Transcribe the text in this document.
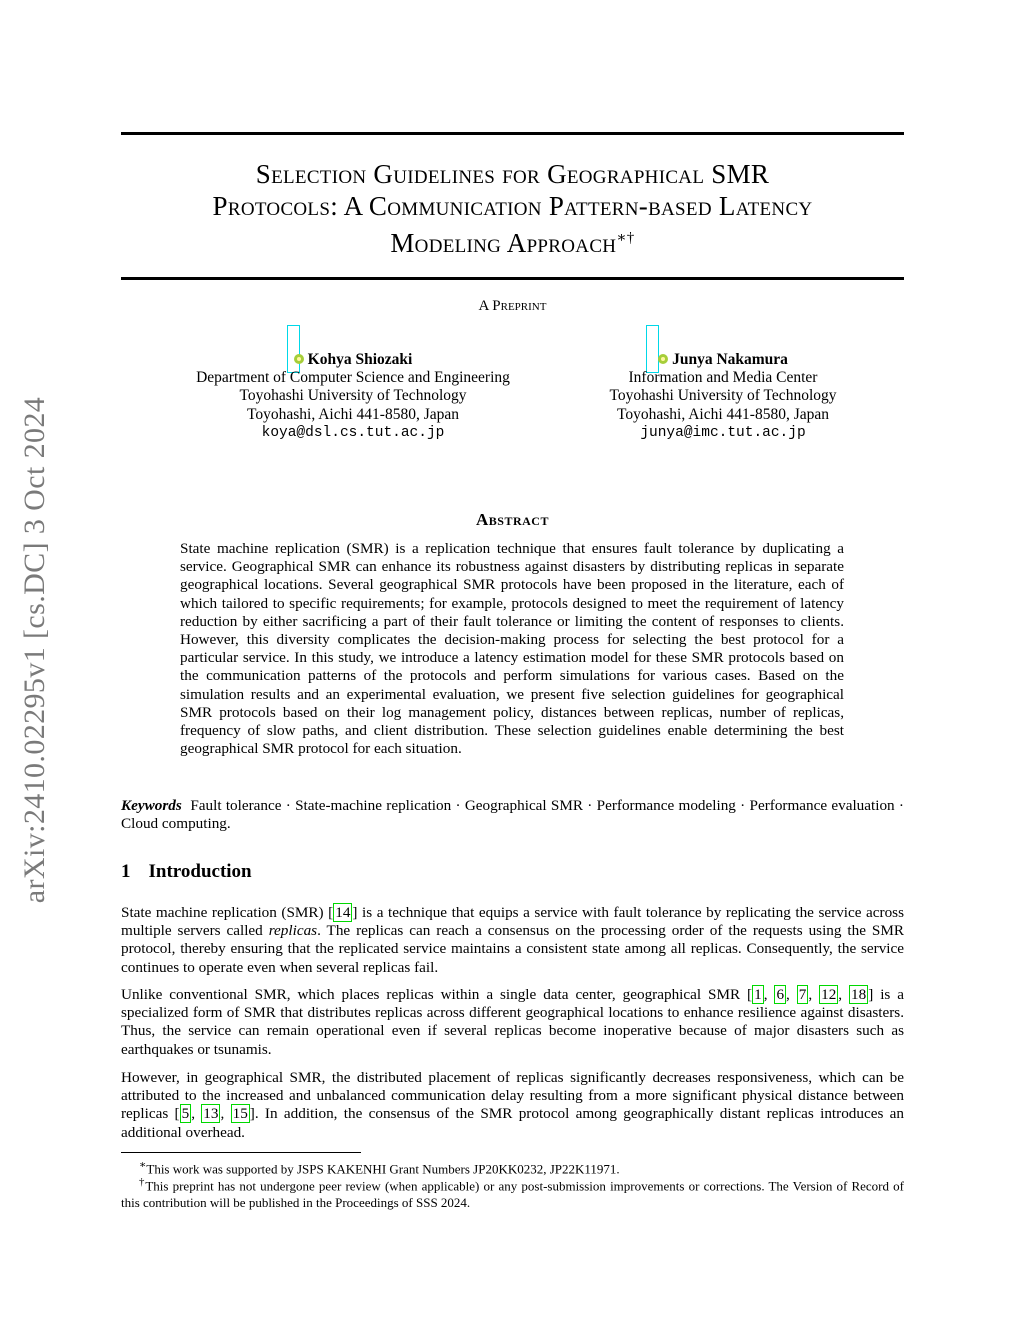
arXiv:2410.02295v1 [cs.DC] 3 Oct 2024
Selection Guidelines for Geographical SMR
Protocols: A Communication Pattern-based Latency
Modeling Approach∗†
A Preprint
Kohya Shiozaki
Department of Computer Science and Engineering
Toyohashi University of Technology
Toyohashi, Aichi 441-8580, Japan
koya@dsl.cs.tut.ac.jp
Junya Nakamura
Information and Media Center
Toyohashi University of Technology
Toyohashi, Aichi 441-8580, Japan
junya@imc.tut.ac.jp
Abstract
State machine replication (SMR) is a replication technique that ensures fault tolerance by duplicating a service. Geographical SMR can enhance its robustness against disasters by distributing replicas in separate geographical locations. Several geographical SMR protocols have been proposed in the literature, each of which tailored to specific requirements; for example, protocols designed to meet the requirement of latency reduction by either sacrificing a part of their fault tolerance or limiting the content of responses to clients. However, this diversity complicates the decision-making process for selecting the best protocol for a particular service. In this study, we introduce a latency estimation model for these SMR protocols based on the communication patterns of the protocols and perform simulations for various cases. Based on the simulation results and an experimental evaluation, we present five selection guidelines for geographical SMR protocols based on their log management policy, distances between replicas, number of replicas, frequency of slow paths, and client distribution. These selection guidelines enable determining the best geographical SMR protocol for each situation.

Keywords Fault tolerance · State-machine replication · Geographical SMR · Performance modeling · Performance evaluation · Cloud computing.

1 Introduction

State machine replication (SMR) [ 14 ] is a technique that equips a service with fault tolerance by replicating the service across multiple servers called replicas. The replicas can reach a consensus on the processing order of the requests using the SMR protocol, thereby ensuring that the replicated service maintains a consistent state among all replicas. Consequently, the service continues to operate even when several replicas fail.

Unlike conventional SMR, which places replicas within a single data center, geographical SMR [ 1 , 6 , 7 , 12 , 18 ] is a specialized form of SMR that distributes replicas across different geographical locations to enhance resilience against disasters. Thus, the service can remain operational even if several replicas become inoperative because of major disasters such as earthquakes or tsunamis.

However, in geographical SMR, the distributed placement of replicas significantly decreases responsiveness, which can be attributed to the increased and unbalanced communication delay resulting from a more significant physical distance between replicas [ 5 , 13 , 15 ]. In addition, the consensus of the SMR protocol among geographically distant replicas introduces an additional overhead.

∗This work was supported by JSPS KAKENHI Grant Numbers JP20KK0232, JP22K11971.
†This preprint has not undergone peer review (when applicable) or any post-submission improvements or corrections. The Version of Record of this contribution will be published in the Proceedings of SSS 2024.
